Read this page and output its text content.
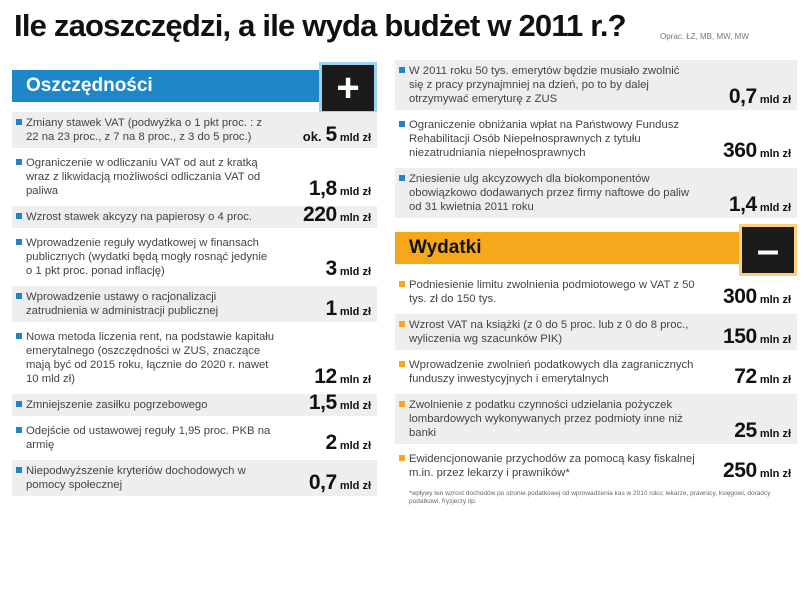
Ile zaoszczędzi, a ile wyda budżet w 2011 r.?	Oprac. ŁZ, MB, MW, MW
Oszczędności	+
Zmiany stawek VAT (podwyżka o 1 pkt proc. : z 22 na 23 proc., z 7 na 8 proc., z 3 do 5 proc.)	ok. 5 mld zł
Ograniczenie w odliczaniu VAT od aut z kratką wraz z likwidacją możliwości odliczania VAT od paliwa	1,8 mld zł
Wzrost stawek akcyzy na papierosy o 4 proc.	220 mln zł
Wprowadzenie reguły wydatkowej w finansach publicznych (wydatki będą mogły rosnąć jedynie o 1 pkt proc. ponad inflację)	3 mld zł
Wprowadzenie ustawy o racjonalizacji zatrudnienia w administracji publicznej	1 mld zł
Nowa metoda liczenia rent, na podstawie kapitału emerytalnego (oszczędności w ZUS, znaczące mają być od 2015 roku, łącznie do 2020 r. nawet 10 mld zł)	12 mln zł
Zmniejszenie zasiłku pogrzebowego	1,5 mld zł
Odejście od ustawowej reguły 1,95 proc. PKB na armię	2 mld zł
Niepodwyższenie kryteriów dochodowych w pomocy społecznej	0,7 mld zł
W 2011 roku 50 tys. emerytów będzie musiało zwolnić się z pracy przynajmniej na dzień, po to by dalej otrzymywać emeryturę z ZUS	0,7 mld zł
Ograniczenie obniżania wpłat na Państwowy Fundusz Rehabilitacji Osób Niepełnosprawnych z tytułu niezatrudniania niepełnosprawnych	360 mln zł
Zniesienie ulg akcyzowych dla biokomponentów obowiązkowo dodawanych przez firmy naftowe do paliw od 31 kwietnia 2011 roku	1,4 mld zł
Wydatki	–
Podniesienie limitu zwolnienia podmiotowego w VAT z 50 tys. zł do 150 tys.	300 mln zł
Wzrost VAT na książki (z 0 do 5 proc. lub z 0 do 8 proc., wyliczenia wg szacunków PIK)	150 mln zł
Wprowadzenie zwolnień podatkowych dla zagranicznych funduszy inwestycyjnych i emerytalnych	72 mln zł
Zwolnienie z podatku czynności udzielania pożyczek lombardowych wykonywanych przez podmioty inne niż banki	25 mln zł
Ewidencjonowanie przychodów za pomocą kasy fiskalnej m.in. przez lekarzy i prawników*	250 mln zł
*wpływy ten wzrost dochodów po stronie podatkowej od wprowadzenia kas w 2010 roku; lekarze, prawnicy, księgowi, doradcy podatkowi, fryzjerzy itp.
